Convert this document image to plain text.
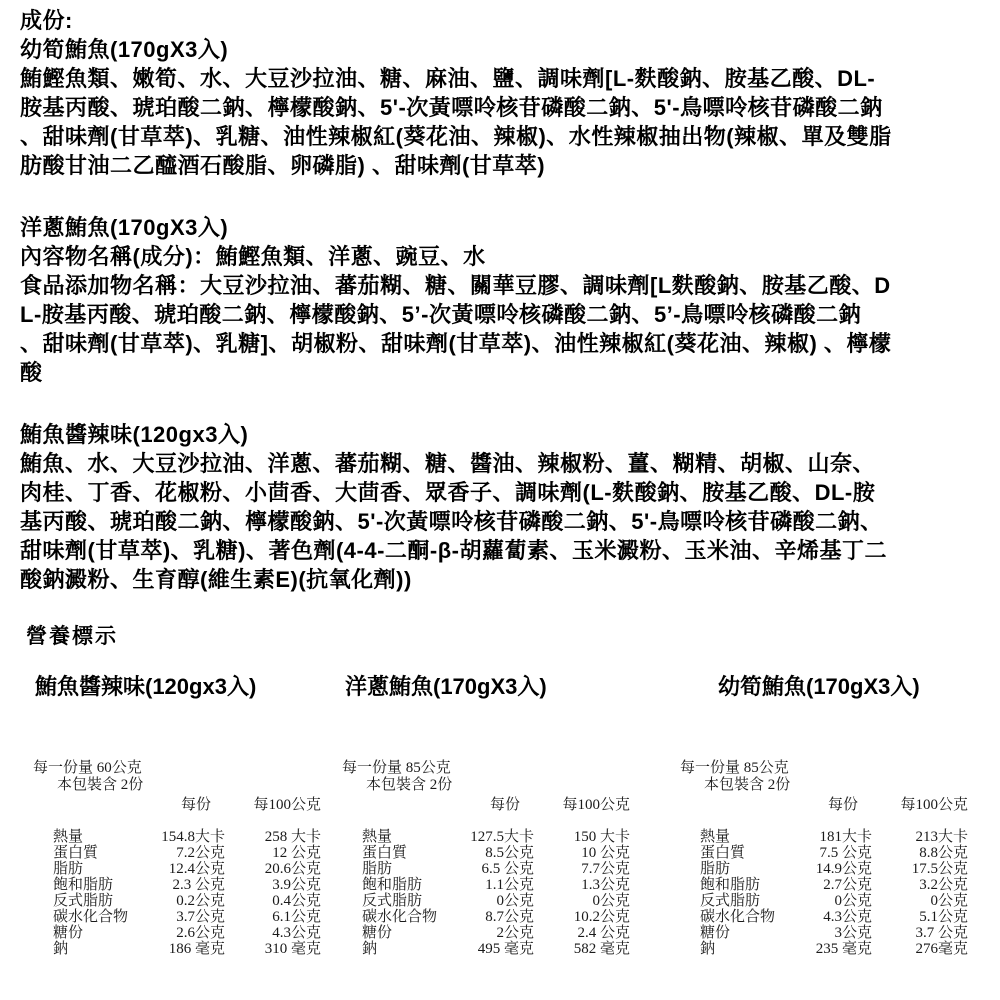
成份:
幼筍鮪魚(170gX3入)
鮪鰹魚類、嫩筍、水、大豆沙拉油、糖、麻油、鹽、調味劑[L-麩酸鈉、胺基乙酸、DL-
胺基丙酸、琥珀酸二鈉、檸檬酸鈉、5'-次黃嘌呤核苷磷酸二鈉、5'-鳥嘌呤核苷磷酸二鈉
、甜味劑(甘草萃)、乳糖、油性辣椒紅(葵花油、辣椒)、水性辣椒抽出物(辣椒、單及雙脂
肪酸甘油二乙醯酒石酸脂、卵磷脂) 、甜味劑(甘草萃)
洋蔥鮪魚(170gX3入)
內容物名稱(成分)：鮪鰹魚類、洋蔥、豌豆、水
食品添加物名稱：大豆沙拉油、蕃茄糊、糖、關華豆膠、調味劑[L麩酸鈉、胺基乙酸、D
L-胺基丙酸、琥珀酸二鈉、檸檬酸鈉、5’-次黃嘌呤核磷酸二鈉、5’-鳥嘌呤核磷酸二鈉
、甜味劑(甘草萃)、乳糖]、胡椒粉、甜味劑(甘草萃)、油性辣椒紅(葵花油、辣椒) 、檸檬
酸
鮪魚醬辣味(120gx3入)
鮪魚、水、大豆沙拉油、洋蔥、蕃茄糊、糖、醬油、辣椒粉、薑、糊精、胡椒、山奈、
肉桂、丁香、花椒粉、小茴香、大茴香、眾香子、調味劑(L-麩酸鈉、胺基乙酸、DL-胺
基丙酸、琥珀酸二鈉、檸檬酸鈉、5'-次黃嘌呤核苷磷酸二鈉、5'-鳥嘌呤核苷磷酸二鈉、
甜味劑(甘草萃)、乳糖)、著色劑(4-4-二酮-β-胡蘿蔔素、玉米澱粉、玉米油、辛烯基丁二
酸鈉澱粉、生育醇(維生素E)(抗氧化劑))
營養標示
鮪魚醬辣味(120gx3入)	洋蔥鮪魚(170gX3入)	幼筍鮪魚(170gX3入)
每一份量 60公克
本包裝含 2份
每份	每100公克
熱量	154.8大卡	258 大卡
蛋白質	7.2公克	12 公克
脂肪	12.4公克	20.6公克
飽和脂肪	2.3 公克	3.9公克
反式脂肪	0.2公克	0.4公克
碳水化合物	3.7公克	6.1公克
糖份	2.6公克	4.3公克
鈉	186 毫克	310 毫克
每一份量 85公克
本包裝含 2份
每份	每100公克
熱量	127.5大卡	150 大卡
蛋白質	8.5公克	10 公克
脂肪	6.5 公克	7.7公克
飽和脂肪	1.1公克	1.3公克
反式脂肪	0公克	0公克
碳水化合物	8.7公克	10.2公克
糖份	2公克	2.4 公克
鈉	495 毫克	582 毫克
每一份量 85公克
本包裝含 2份
每份	每100公克
熱量	181大卡	213大卡
蛋白質	7.5 公克	8.8公克
脂肪	14.9公克	17.5公克
飽和脂肪	2.7公克	3.2公克
反式脂肪	0公克	0公克
碳水化合物	4.3公克	5.1公克
糖份	3公克	3.7 公克
鈉	235 毫克	276毫克
